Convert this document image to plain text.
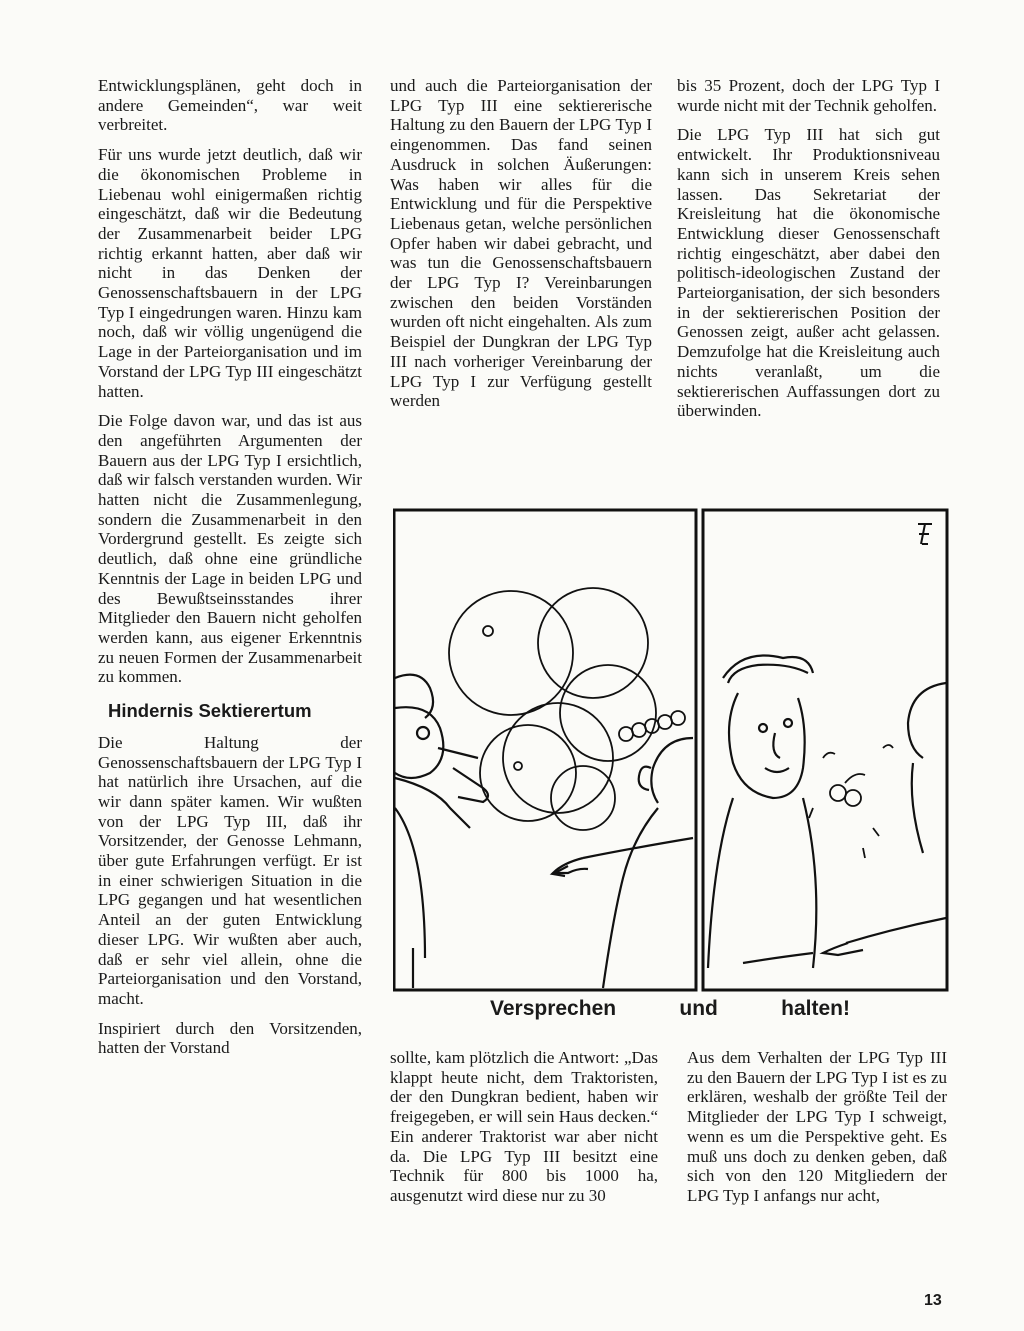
Entwicklungsplänen, geht doch in andere Gemeinden“, war weit verbreitet.

Für uns wurde jetzt deutlich, daß wir die ökonomischen Probleme in Liebenau wohl einigermaßen richtig eingeschätzt, daß wir die Bedeutung der Zusammenarbeit beider LPG richtig erkannt hatten, aber daß wir nicht in das Denken der Genossenschaftsbauern in der LPG Typ I eingedrungen waren. Hinzu kam noch, daß wir völlig ungenügend die Lage in der Parteiorganisation und im Vorstand der LPG Typ III eingeschätzt hatten.

Die Folge davon war, und das ist aus den angeführten Argumenten der Bauern aus der LPG Typ I ersichtlich, daß wir falsch verstanden wurden. Wir hatten nicht die Zusammenlegung, sondern die Zusammenarbeit in den Vordergrund gestellt. Es zeigte sich deutlich, daß ohne eine gründliche Kenntnis der Lage in beiden LPG und des Bewußtseinsstandes ihrer Mitglieder den Bauern nicht geholfen werden kann, aus eigener Erkenntnis zu neuen Formen der Zusammenarbeit zu kommen.

Hindernis Sektierertum

Die Haltung der Genossenschaftsbauern der LPG Typ I hat natürlich ihre Ursachen, auf die wir dann später kamen. Wir wußten von der LPG Typ III, daß ihr Vorsitzender, der Genosse Lehmann, über gute Erfahrungen verfügt. Er ist in einer schwierigen Situation in die LPG gegangen und hat wesentlichen Anteil an der guten Entwicklung dieser LPG. Wir wußten aber auch, daß er sehr viel allein, ohne die Parteiorganisation und den Vorstand, macht.

Inspiriert durch den Vorsitzenden, hatten der Vorstand

und auch die Parteiorganisation der LPG Typ III eine sektiererische Haltung zu den Bauern der LPG Typ I eingenommen. Das fand seinen Ausdruck in solchen Äußerungen: Was haben wir alles für die Entwicklung und für die Perspektive Liebenaus getan, welche persönlichen Opfer haben wir dabei gebracht, und was tun die Genossenschaftsbauern der LPG Typ I? Vereinbarungen zwischen den beiden Vorständen wurden oft nicht eingehalten. Als zum Beispiel der Dungkran der LPG Typ III nach vorheriger Vereinbarung der LPG Typ I zur Verfügung gestellt werden

bis 35 Prozent, doch der LPG Typ I wurde nicht mit der Technik geholfen.

Die LPG Typ III hat sich gut entwickelt. Ihr Produktionsniveau kann sich in unserem Kreis sehen lassen. Das Sekretariat der Kreisleitung hat die ökonomische Entwicklung dieser Genossenschaft richtig eingeschätzt, aber dabei den politisch-ideologischen Zustand der Parteiorganisation, der sich besonders in der sektiererischen Position der Genossen zeigt, außer acht gelassen. Demzufolge hat die Kreisleitung auch nichts veranlaßt, um die sektiererischen Auffassungen dort zu überwinden.

Versprechen	und	halten!

sollte, kam plötzlich die Antwort: „Das klappt heute nicht, dem Traktoristen, der den Dungkran bedient, haben wir freigegeben, er will sein Haus decken.“ Ein anderer Traktorist war aber nicht da. Die LPG Typ III besitzt eine Technik für 800 bis 1000 ha, ausgenutzt wird diese nur zu 30

Aus dem Verhalten der LPG Typ III zu den Bauern der LPG Typ I ist es zu erklären, weshalb der größte Teil der Mitglieder der LPG Typ I schweigt, wenn es um die Perspektive geht. Es muß uns doch zu denken geben, daß sich von den 120 Mitgliedern der LPG Typ I anfangs nur acht,

13
